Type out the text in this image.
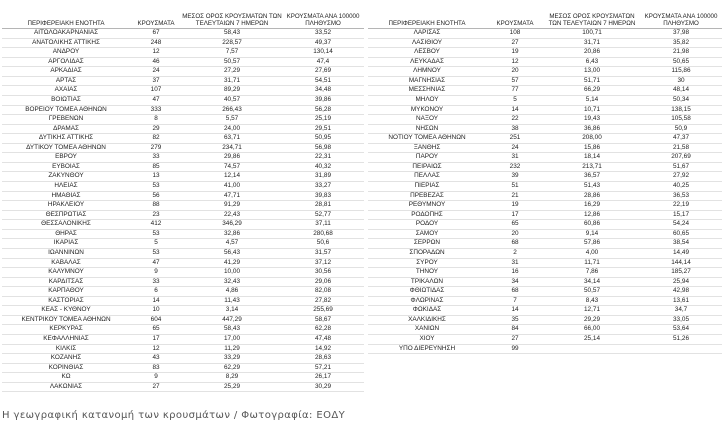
ΠΕΡΙΦΕΡΕΙΑΚΗ ΕΝΟΤΗΤΑ	ΚΡΟΥΣΜΑΤΑ	ΜΕΣΟΣ ΟΡΟΣ ΚΡΟΥΣΜΑΤΩΝ ΤΩΝ ΤΕΛΕΥΤΑΙΩΝ 7 ΗΜΕΡΩΝ	ΚΡΟΥΣΜΑΤΑ ΑΝΑ 100000 ΠΛΗΘΥΣΜΟ
ΑΙΤΩΛΟΑΚΑΡΝΑΝΙΑΣ	67	58,43	33,52
ΑΝΑΤΟΛΙΚΗΣ ΑΤΤΙΚΗΣ	248	228,57	49,37
ΑΝΔΡΟΥ	12	7,57	130,14
ΑΡΓΟΛΙΔΑΣ	46	50,57	47,4
ΑΡΚΑΔΙΑΣ	24	27,29	27,69
ΑΡΤΑΣ	37	31,71	54,51
ΑΧΑΪΑΣ	107	89,29	34,48
ΒΟΙΩΤΙΑΣ	47	40,57	39,86
ΒΟΡΕΙΟΥ ΤΟΜΕΑ ΑΘΗΝΩΝ	333	266,43	56,28
ΓΡΕΒΕΝΩΝ	8	5,57	25,19
ΔΡΑΜΑΣ	29	24,00	29,51
ΔΥΤΙΚΗΣ ΑΤΤΙΚΗΣ	82	63,71	50,95
ΔΥΤΙΚΟΥ ΤΟΜΕΑ ΑΘΗΝΩΝ	279	234,71	56,98
ΕΒΡΟΥ	33	29,86	22,31
ΕΥΒΟΙΑΣ	85	74,57	40,32
ΖΑΚΥΝΘΟΥ	13	12,14	31,89
ΗΛΕΙΑΣ	53	41,00	33,27
ΗΜΑΘΙΑΣ	56	47,71	39,83
ΗΡΑΚΛΕΙΟΥ	88	91,29	28,81
ΘΕΣΠΡΩΤΙΑΣ	23	22,43	52,77
ΘΕΣΣΑΛΟΝΙΚΗΣ	412	346,29	37,11
ΘΗΡΑΣ	53	32,86	280,68
ΙΚΑΡΙΑΣ	5	4,57	50,6
ΙΩΑΝΝΙΝΩΝ	53	56,43	31,57
ΚΑΒΑΛΑΣ	47	41,29	37,12
ΚΑΛΥΜΝΟΥ	9	10,00	30,56
ΚΑΡΔΙΤΣΑΣ	33	32,43	29,06
ΚΑΡΠΑΘΟΥ	6	4,86	82,08
ΚΑΣΤΟΡΙΑΣ	14	11,43	27,82
ΚΕΑΣ - ΚΥΘΝΟΥ	10	3,14	255,69
ΚΕΝΤΡΙΚΟΥ ΤΟΜΕΑ ΑΘΗΝΩΝ	604	447,29	58,67
ΚΕΡΚΥΡΑΣ	65	58,43	62,28
ΚΕΦΑΛΛΗΝΙΑΣ	17	17,00	47,48
ΚΙΛΚΙΣ	12	11,29	14,92
ΚΟΖΑΝΗΣ	43	33,29	28,63
ΚΟΡΙΝΘΙΑΣ	83	62,29	57,21
ΚΩ	9	8,29	26,17
ΛΑΚΩΝΙΑΣ	27	25,29	30,29
ΠΕΡΙΦΕΡΕΙΑΚΗ ΕΝΟΤΗΤΑ	ΚΡΟΥΣΜΑΤΑ	ΜΕΣΟΣ ΟΡΟΣ ΚΡΟΥΣΜΑΤΩΝ ΤΩΝ ΤΕΛΕΥΤΑΙΩΝ 7 ΗΜΕΡΩΝ	ΚΡΟΥΣΜΑΤΑ ΑΝΑ 100000 ΠΛΗΘΥΣΜΟ
ΛΑΡΙΣΑΣ	108	100,71	37,98
ΛΑΣΙΘΙΟΥ	27	31,71	35,82
ΛΕΣΒΟΥ	19	20,86	21,98
ΛΕΥΚΑΔΑΣ	12	6,43	50,65
ΛΗΜΝΟΥ	20	13,00	115,86
ΜΑΓΝΗΣΙΑΣ	57	51,71	30
ΜΕΣΣΗΝΙΑΣ	77	66,29	48,14
ΜΗΛΟΥ	5	5,14	50,34
ΜΥΚΟΝΟΥ	14	10,71	138,15
ΝΑΞΟΥ	22	19,43	105,58
ΝΗΣΩΝ	38	36,86	50,9
ΝΟΤΙΟΥ ΤΟΜΕΑ ΑΘΗΝΩΝ	251	208,00	47,37
ΞΑΝΘΗΣ	24	15,86	21,58
ΠΑΡΟΥ	31	18,14	207,69
ΠΕΙΡΑΙΩΣ	232	213,71	51,67
ΠΕΛΛΑΣ	39	36,57	27,92
ΠΙΕΡΙΑΣ	51	51,43	40,25
ΠΡΕΒΕΖΑΣ	21	28,86	36,53
ΡΕΘΥΜΝΟΥ	19	16,29	22,19
ΡΟΔΟΠΗΣ	17	12,86	15,17
ΡΟΔΟΥ	65	60,86	54,24
ΣΑΜΟΥ	20	9,14	60,65
ΣΕΡΡΩΝ	68	57,86	38,54
ΣΠΟΡΑΔΩΝ	2	4,00	14,49
ΣΥΡΟΥ	31	11,71	144,14
ΤΗΝΟΥ	16	7,86	185,27
ΤΡΙΚΑΛΩΝ	34	34,14	25,94
ΦΘΙΩΤΙΔΑΣ	68	50,57	42,98
ΦΛΩΡΙΝΑΣ	7	8,43	13,61
ΦΩΚΙΔΑΣ	14	12,71	34,7
ΧΑΛΚΙΔΙΚΗΣ	35	29,29	33,05
ΧΑΝΙΩΝ	84	66,00	53,64
ΧΙΟΥ	27	25,14	51,26
ΥΠΟ ΔΙΕΡΕΥΝΗΣΗ	99		
Η γεωγραφική κατανομή των κρουσμάτων / Φωτογραφία: ΕΟΔΥ
